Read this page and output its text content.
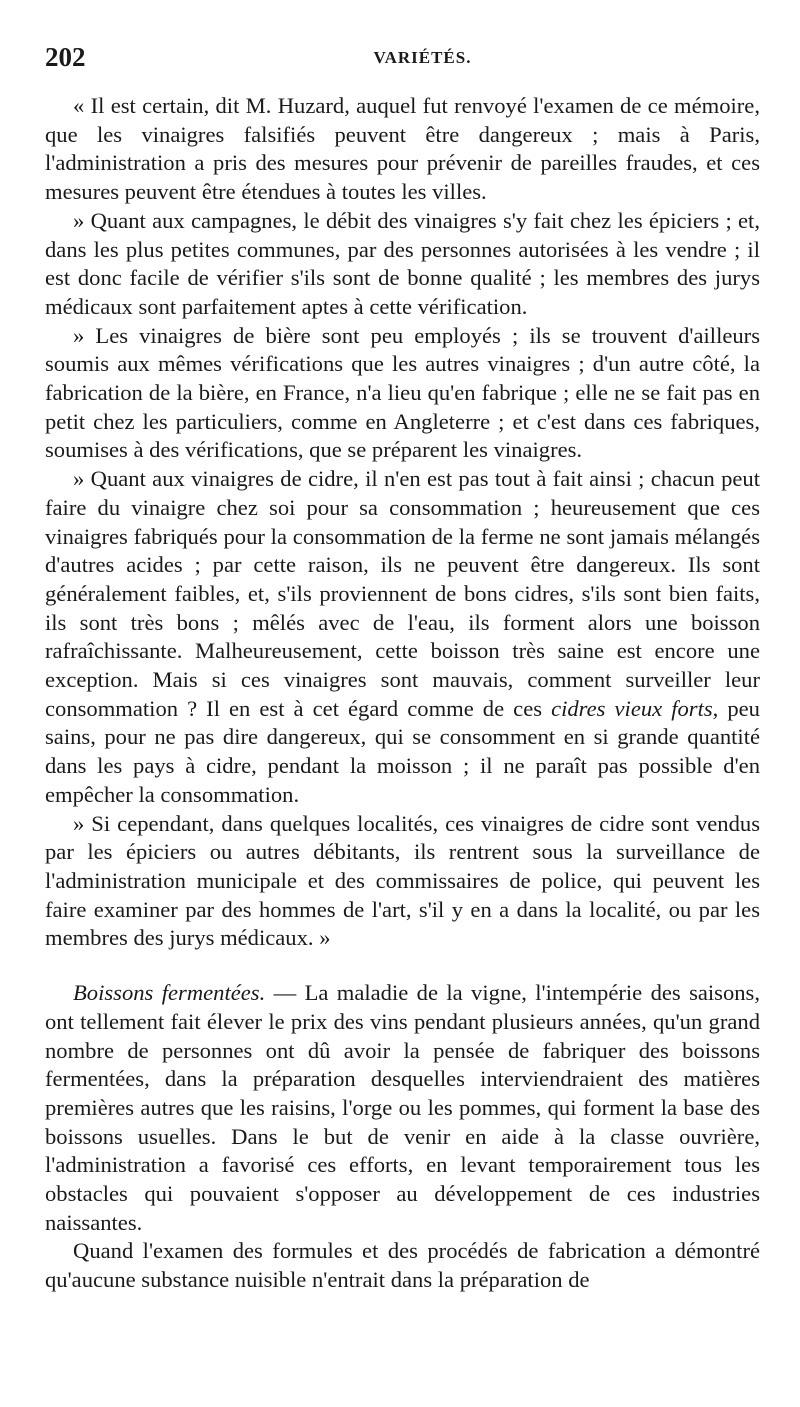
202	VARIÉTÉS.

« Il est certain, dit M. Huzard, auquel fut renvoyé l'examen de ce mémoire, que les vinaigres falsifiés peuvent être dangereux ; mais à Paris, l'administration a pris des mesures pour prévenir de pareilles fraudes, et ces mesures peuvent être étendues à toutes les villes.

» Quant aux campagnes, le débit des vinaigres s'y fait chez les épiciers ; et, dans les plus petites communes, par des personnes autorisées à les vendre ; il est donc facile de vérifier s'ils sont de bonne qualité ; les membres des jurys médicaux sont parfaitement aptes à cette vérification.

» Les vinaigres de bière sont peu employés ; ils se trouvent d'ailleurs soumis aux mêmes vérifications que les autres vinaigres ; d'un autre côté, la fabrication de la bière, en France, n'a lieu qu'en fabrique ; elle ne se fait pas en petit chez les particuliers, comme en Angleterre ; et c'est dans ces fabriques, soumises à des vérifications, que se préparent les vinaigres.

» Quant aux vinaigres de cidre, il n'en est pas tout à fait ainsi ; chacun peut faire du vinaigre chez soi pour sa consommation ; heureusement que ces vinaigres fabriqués pour la consommation de la ferme ne sont jamais mélangés d'autres acides ; par cette raison, ils ne peuvent être dangereux. Ils sont généralement faibles, et, s'ils proviennent de bons cidres, s'ils sont bien faits, ils sont très bons ; mêlés avec de l'eau, ils forment alors une boisson rafraîchissante. Malheureusement, cette boisson très saine est encore une exception. Mais si ces vinaigres sont mauvais, comment surveiller leur consommation ? Il en est à cet égard comme de ces cidres vieux forts, peu sains, pour ne pas dire dangereux, qui se consomment en si grande quantité dans les pays à cidre, pendant la moisson ; il ne paraît pas possible d'en empêcher la consommation.

» Si cependant, dans quelques localités, ces vinaigres de cidre sont vendus par les épiciers ou autres débitants, ils rentrent sous la surveillance de l'administration municipale et des commissaires de police, qui peuvent les faire examiner par des hommes de l'art, s'il y en a dans la localité, ou par les membres des jurys médicaux. »

Boissons fermentées. — La maladie de la vigne, l'intempérie des saisons, ont tellement fait élever le prix des vins pendant plusieurs années, qu'un grand nombre de personnes ont dû avoir la pensée de fabriquer des boissons fermentées, dans la préparation desquelles interviendraient des matières premières autres que les raisins, l'orge ou les pommes, qui forment la base des boissons usuelles. Dans le but de venir en aide à la classe ouvrière, l'administration a favorisé ces efforts, en levant temporairement tous les obstacles qui pouvaient s'opposer au développement de ces industries naissantes.

Quand l'examen des formules et des procédés de fabrication a démontré qu'aucune substance nuisible n'entrait dans la préparation de
